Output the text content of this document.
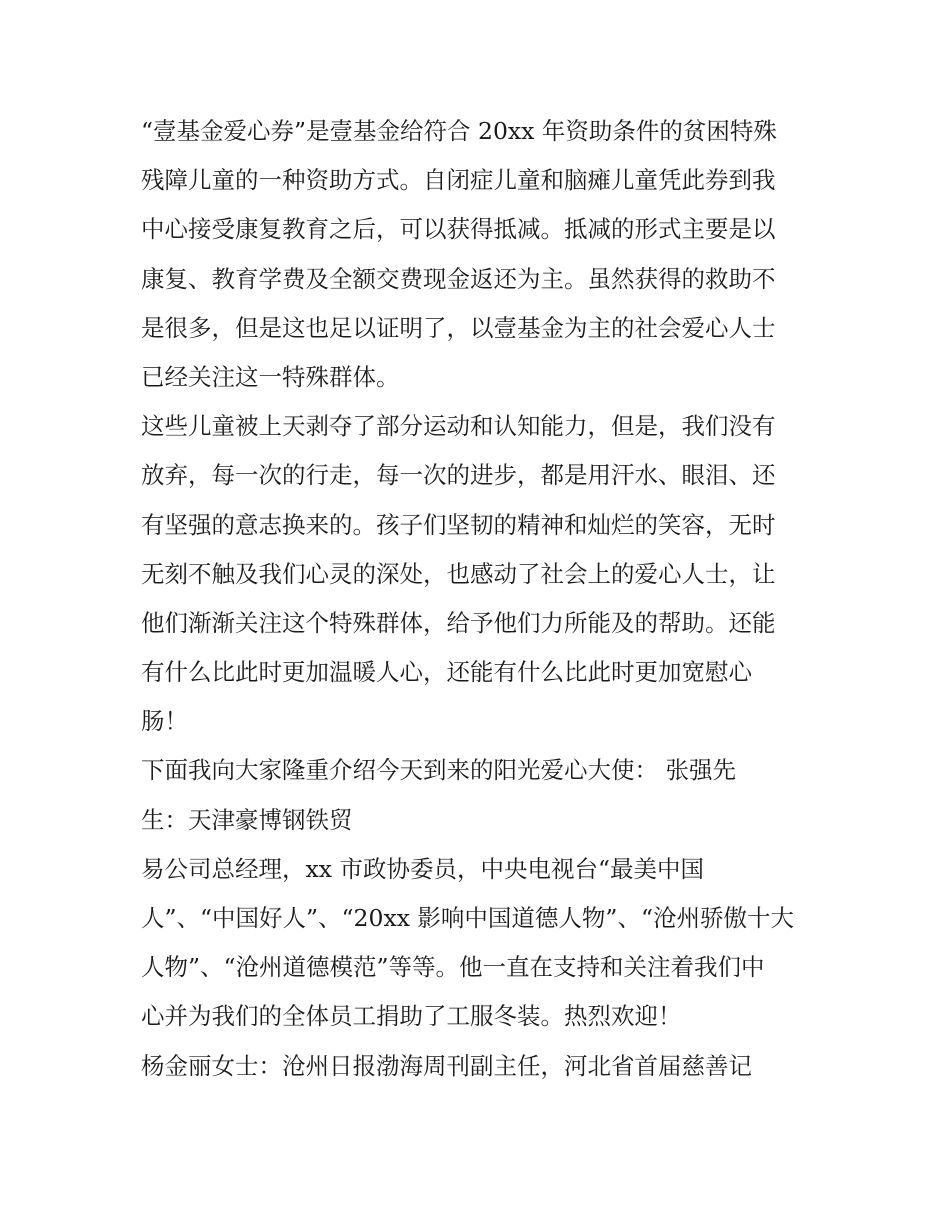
“壹基金爱心券”是壹基金给符合 20xx 年资助条件的贫困特殊
残障儿童的一种资助方式。自闭症儿童和脑瘫儿童凭此券到我
中心接受康复教育之后，可以获得抵减。抵减的形式主要是以
康复、教育学费及全额交费现金返还为主。虽然获得的救助不
是很多，但是这也足以证明了，以壹基金为主的社会爱心人士
已经关注这一特殊群体。
这些儿童被上天剥夺了部分运动和认知能力，但是，我们没有
放弃，每一次的行走，每一次的进步，都是用汗水、眼泪、还
有坚强的意志换来的。孩子们坚韧的精神和灿烂的笑容，无时
无刻不触及我们心灵的深处，也感动了社会上的爱心人士，让
他们渐渐关注这个特殊群体，给予他们力所能及的帮助。还能
有什么比此时更加温暖人心，还能有什么比此时更加宽慰心
肠！
下面我向大家隆重介绍今天到来的阳光爱心大使： 张强先
生：天津豪博钢铁贸
易公司总经理，xx 市政协委员，中央电视台“最美中国
人”、“中国好人”、“20xx 影响中国道德人物”、“沧州骄傲十大
人物”、“沧州道德模范”等等。他一直在支持和关注着我们中
心并为我们的全体员工捐助了工服冬装。热烈欢迎！
杨金丽女士：沧州日报渤海周刊副主任，河北省首届慈善记
